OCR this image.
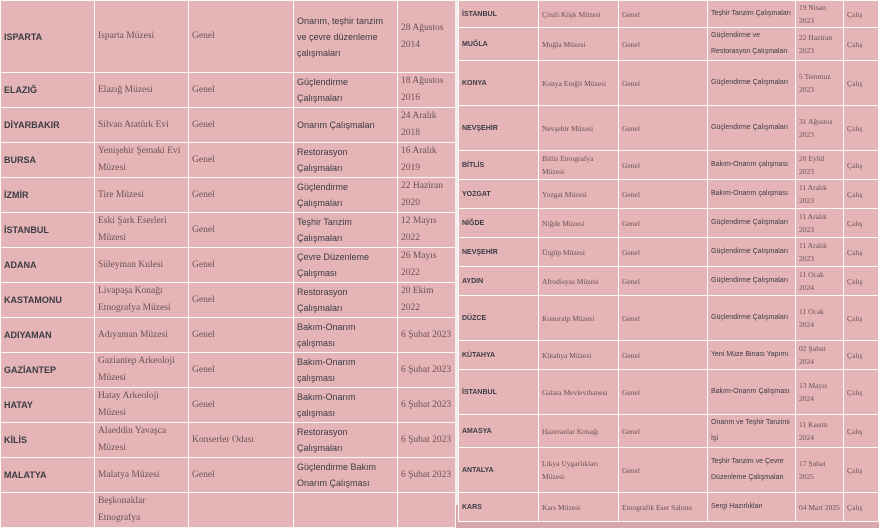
ISPARTA	Isparta Müzesi	Genel	Onarım, teşhir tanzim ve çevre düzenleme çalışmaları	28 Ağustos 2014
ELAZIĞ	Elazığ Müzesi	Genel	Güçlendirme Çalışmaları	18 Ağustos 2016
DİYARBAKIR	Silvan Atatürk Evi	Genel	Onarım Çalışmaları	24 Aralık 2018
BURSA	Yenişehir Şemaki Evi Müzesi	Genel	Restorasyon Çalışmaları	16 Aralık 2019
İZMİR	Tire Müzesi	Genel	Güçlendirme Çalışmaları	22 Haziran 2020
İSTANBUL	Eski Şark Eserleri Müzesi	Genel	Teşhir Tanzim Çalışmaları	12 Mayıs 2022
ADANA	Süleyman Kulesi	Genel	Çevre Düzenleme Çalışması	26 Mayıs 2022
KASTAMONU	Livapaşa Konağı Etnografya Müzesi	Genel	Restorasyon Çalışmaları	20 Ekim 2022
ADIYAMAN	Adıyaman Müzesi	Genel	Bakım-Onarım çalışması	6 Şubat 2023
GAZİANTEP	Gaziantep Arkeoloji Müzesi	Genel	Bakım-Onarım çalışması	6 Şubat 2023
HATAY	Hatay Arkeoloji Müzesi	Genel	Bakım-Onarım çalışması	6 Şubat 2023
KİLİS	Alaeddin Yavaşca Müzesi	Konserler Odası	Restorasyon Çalışmaları	6 Şubat 2023
MALATYA	Malatya Müzesi	Genel	Güçlendirme Bakım Onarım Çalışması	6 Şubat 2023
	Beşkonaklar Etnografya			
İSTANBUL	Çinili Köşk Müzesi	Genel	Teşhir Tanzim Çalışmaları	19 Nisan 2023	Çalış
MUĞLA	Muğla Müzesi	Genel	Güçlendirme ve Restorasyon Çalışmaları	22 Haziran 2023	Çalış
KONYA	Konya Ereğli Müzesi	Genel	Güçlendirme Çalışmaları	5 Temmuz 2023	Çalış
NEVŞEHİR	Nevşehir Müzesi	Genel	Güçlendirme Çalışmaları	31 Ağustos 2023	Çalış
BİTLİS	Bitlis Etnografya Müzesi	Genel	Bakım-Onarım çalışması	20 Eylül 2023	Çalış
YOZGAT	Yozgat Müzesi	Genel	Bakım-Onarım çalışması	11 Aralık 2023	Çalış
NİĞDE	Niğde Müzesi	Genel	Güçlendirme Çalışmaları	11 Aralık 2023	Çalış
NEVŞEHİR	Ürgüp Müzesi	Genel	Güçlendirme Çalışmaları	11 Aralık 2023	Çalış
AYDIN	Afrodisyas Müzesi	Genel	Güçlendirme Çalışmaları	11 Ocak 2024	Çalış
DÜZCE	Konuralp Müzesi	Genel	Güçlendirme Çalışmaları	11 Ocak 2024	Çalış
KÜTAHYA	Kütahya Müzesi	Genel	Yeni Müze Binası Yapımı	02 Şubat 2024	Çalış
İSTANBUL	Galata Mevlevihanesi	Genel	Bakım-Onarım Çalışması	13 Mayıs 2024	Çalış
AMASYA	Hazeranlar Konağı	Genel	Onarım ve Teşhir Tanzimi İşi	11 Kasım 2024	Çalış
ANTALYA	Likya Uygarlıkları Müzesi	Genel	Teşhir Tanzim ve Çevre Düzenleme Çalışmaları	17 Şubat 2025	Çalış
KARS	Kars Müzesi	Etnografik Eser Salonu	Sergi Hazırlıkları	04 Mart 2025	Çalış
